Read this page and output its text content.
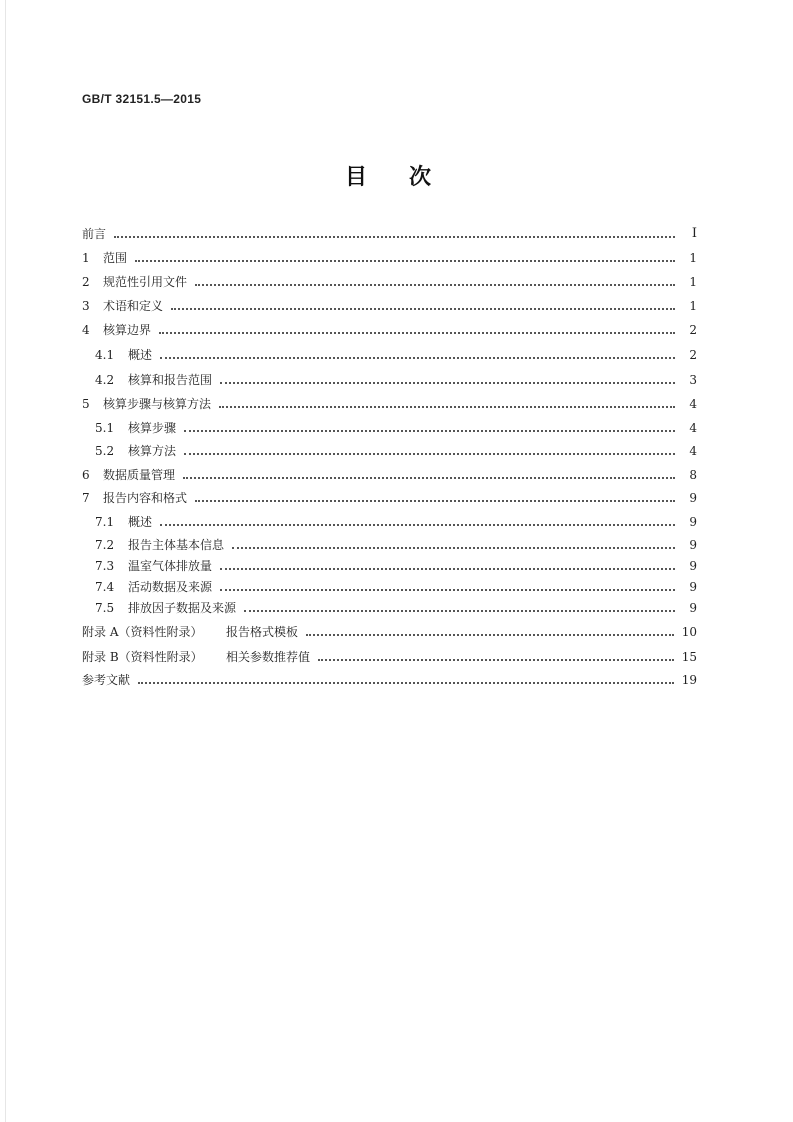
GB/T 32151.5—2015
目　次
前言	I
1	范围	1
2	规范性引用文件	1
3	术语和定义	1
4	核算边界	2
4.1	概述	2
4.2	核算和报告范围	3
5	核算步骤与核算方法	4
5.1	核算步骤	4
5.2	核算方法	4
6	数据质量管理	8
7	报告内容和格式	9
7.1	概述	9
7.2	报告主体基本信息	9
7.3	温室气体排放量	9
7.4	活动数据及来源	9
7.5	排放因子数据及来源	9
附录 A（资料性附录）	报告格式模板	10
附录 B（资料性附录）	相关参数推荐值	15
参考文献	19
